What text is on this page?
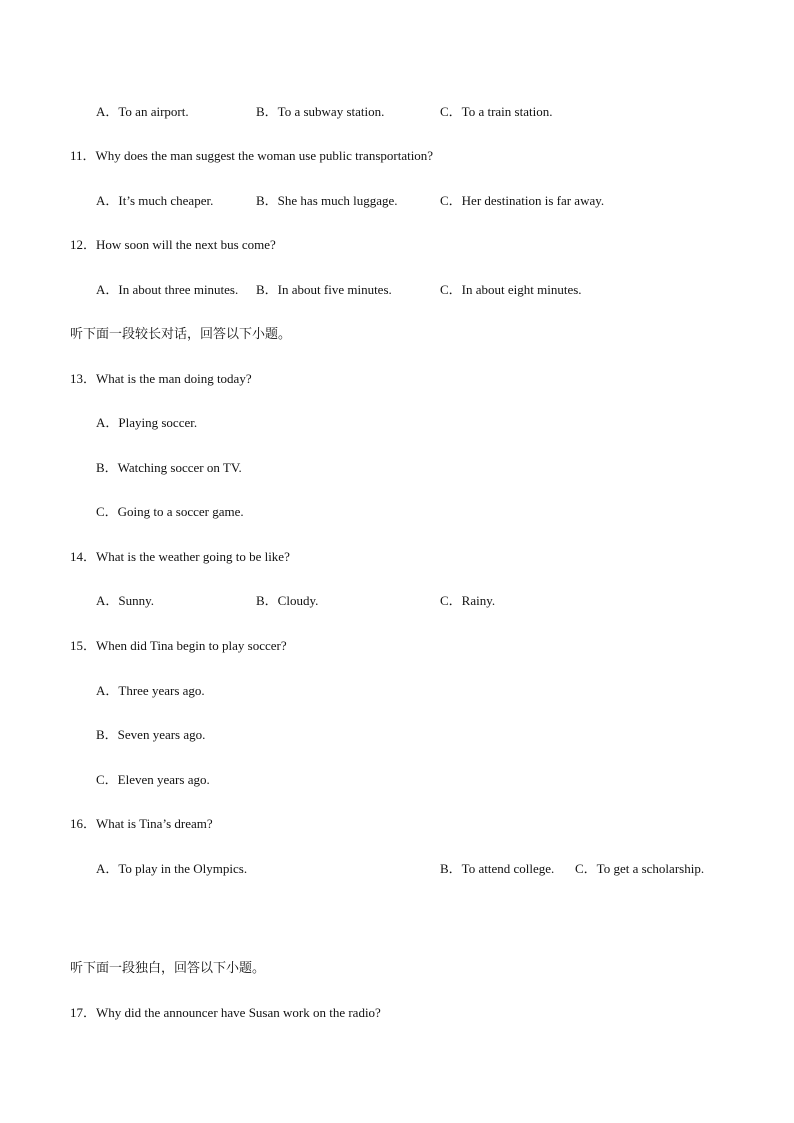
A．To an airport.	B．To a subway station.	C．To a train station.
11．Why does the man suggest the woman use public transportation?
A．It’s much cheaper.	B．She has much luggage.	C．Her destination is far away.
12．How soon will the next bus come?
A．In about three minutes. B．In about five minutes.	C．In about eight minutes.
听下面一段较长对话，回答以下小题。
13．What is the man doing today?
A．Playing soccer.
B．Watching soccer on TV.
C．Going to a soccer game.
14．What is the weather going to be like?
A．Sunny.	B．Cloudy.	C．Rainy.
15．When did Tina begin to play soccer?
A．Three years ago.
B．Seven years ago.
C．Eleven years ago.
16．What is Tina’s dream?
A．To play in the Olympics.	B．To attend college. C．To get a scholarship.
听下面一段独白，回答以下小题。
17．Why did the announcer have Susan work on the radio?
